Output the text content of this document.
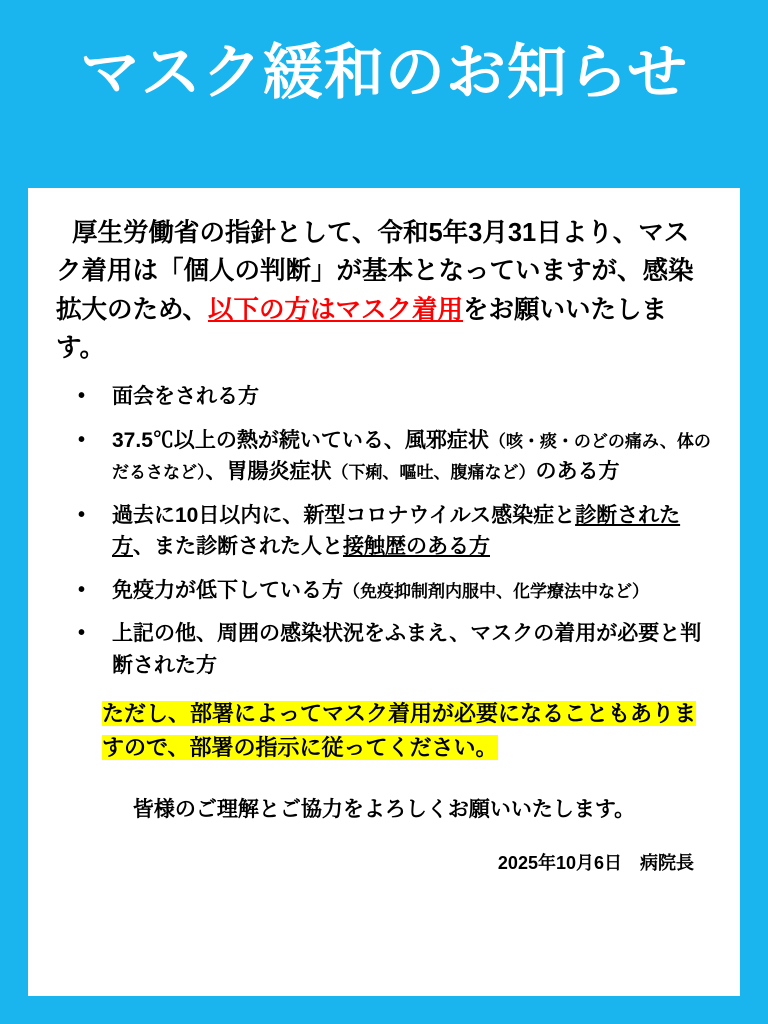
マスク緩和のお知らせ

厚生労働省の指針として、令和5年3月31日より、マスク着用は「個人の判断」が基本となっていますが、感染拡大のため、以下の方はマスク着用をお願いいたします。

• 面会をされる方
• 37.5℃以上の熱が続いている、風邪症状（咳・痰・のどの痛み、体のだるさなど）、胃腸炎症状（下痢、嘔吐、腹痛など）のある方
• 過去に10日以内に、新型コロナウイルス感染症と診断された方、また診断された人と接触歴のある方
• 免疫力が低下している方（免疫抑制剤内服中、化学療法中など）
• 上記の他、周囲の感染状況をふまえ、マスクの着用が必要と判断された方

ただし、部署によってマスク着用が必要になることもありますので、部署の指示に従ってください。

皆様のご理解とご協力をよろしくお願いいたします。

2025年10月6日　病院長
